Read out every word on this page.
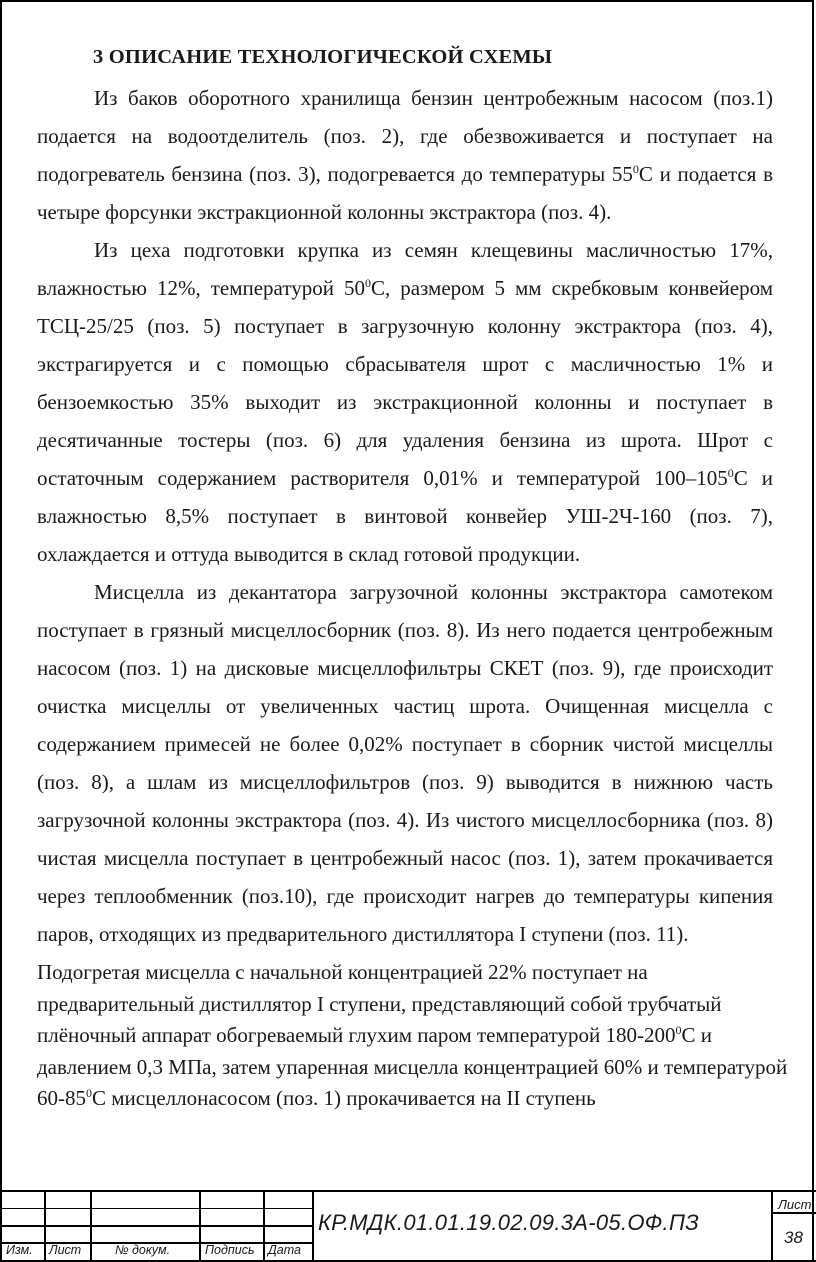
3 ОПИСАНИЕ ТЕХНОЛОГИЧЕСКОЙ СХЕМЫ

Из баков оборотного хранилища бензин центробежным насосом (поз.1) подается на водоотделитель (поз. 2), где обезвоживается и поступает на подогреватель бензина (поз. 3), подогревается до температуры $55^0С$ и подается в четыре форсунки экстракционной колонны экстрактора (поз. 4).

Из цеха подготовки крупка из семян клещевины масличностью 17%, влажностью 12%, температурой $50^0С$, размером 5 мм скребковым конвейером ТСЦ-25/25 (поз. 5) поступает в загрузочную колонну экстрактора (поз. 4), экстрагируется и с помощью сбрасывателя шрот с масличностью 1% и бензоемкостью 35% выходит из экстракционной колонны и поступает в десятичанные тостеры (поз. 6) для удаления бензина из шрота. Шрот с остаточным содержанием растворителя 0,01% и температурой $100-105^0С$ и влажностью 8,5% поступает в винтовой конвейер УШ-2Ч-160 (поз. 7), охлаждается и оттуда выводится в склад готовой продукции.

Мисцелла из декантатора загрузочной колонны экстрактора самотеком поступает в грязный мисцеллосборник (поз. 8). Из него подается центробежным насосом (поз. 1) на дисковые мисцеллофильтры СКЕТ (поз. 9), где происходит очистка мисцеллы от увеличенных частиц шрота. Очищенная мисцелла с содержанием примесей не более 0,02% поступает в сборник чистой мисцеллы (поз. 8), а шлам из мисцеллофильтров (поз. 9) выводится в нижнюю часть загрузочной колонны экстрактора (поз. 4). Из чистого мисцеллосборника (поз. 8) чистая мисцелла поступает в центробежный насос (поз. 1), затем прокачивается через теплообменник (поз.10), где происходит нагрев до температуры кипения паров, отходящих из предварительного дистиллятора I ступени (поз. 11).

Подогретая мисцелла с начальной концентрацией 22% поступает на предварительный дистиллятор I ступени, представляющий собой трубчатый плёночный аппарат обогреваемый глухим паром температурой $180-200^0С$ и давлением 0,3 МПа, затем упаренная мисцелла концентрацией 60% и температурой $60-85^0С$ мисцеллонасосом (поз. 1) прокачивается на II ступень

Изм. Лист	№ докум.	Подпись Дата
КР.МДК.01.01.19.02.09.3А-05.ОФ.ПЗ
Лист
38
